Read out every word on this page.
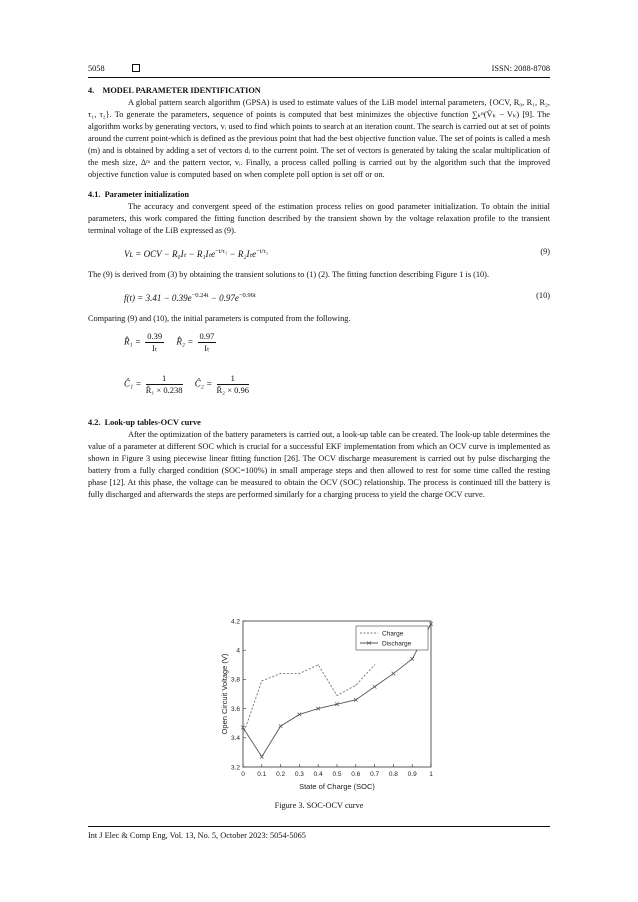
5058	ISSN: 2088-8708
4.    MODEL PARAMETER IDENTIFICATION

A global pattern search algorithm (GPSA) is used to estimate values of the LiB model internal parameters, {OCV, R₀, R₁, R₂, τ₁, τ₂}. To generate the parameters, sequence of points is computed that best minimizes the objective function ∑ₖⁿ(V̂ₖ − Vₖ) [9]. The algorithm works by generating vectors, vᵢ used to find which points to search at an iteration count. The search is carried out at set of points around the current point-which is defined as the previous point that had the best objective function value. The set of points is called a mesh (m) and is obtained by adding a set of vectors dᵢ to the current point. The set of vectors is generated by taking the scalar multiplication of the mesh size, Δᵐ and the pattern vector, vᵢ. Finally, a process called polling is carried out by the algorithm such that the improved objective function value is computed based on when complete poll option is set off or on.

4.1.  Parameter initialization

The accuracy and convergent speed of the estimation process relies on good parameter initialization. To obtain the initial parameters, this work compared the fitting function described by the transient shown by the voltage relaxation profile to the transient terminal voltage of the LiB expressed as (9).

Vʟ = OCV − R₀Iₜ − R₁Iₜe$^{-t/\tau_1}$ − R₂Iₜe$^{-t/\tau_2}$	(9)

The (9) is derived from (3) by obtaining the transient solutions to (1) (2). The fitting function describing Figure 1 is (10).

$f(t) = 3.41 - 0.39e^{-0.24t} - 0.97e^{-0.96t}$	(10)

Comparing (9) and (10), the initial parameters is computed from the following.

R̂₁ = $\frac{0.39}{\text{Iₜ}}$ R̂₂ = $\frac{0.97}{\text{Iₜ}}$
Ĉ₁ = $\frac{1}{\text{R̂₁ × 0.238}}$ Ĉ₂ = $\frac{1}{\text{R̂₂ × 0.96}}$
4.2.  Look-up tables-OCV curve

After the optimization of the battery parameters is carried out, a look-up table can be created. The look-up table determines the value of a parameter at different SOC which is crucial for a successful EKF implementation from which an OCV curve is implemented as shown in Figure 3 using piecewise linear fitting function [26]. The OCV discharge measurement is carried out by pulse discharging the battery from a fully charged condition (SOC=100%) in small amperage steps and then allowed to rest for some time called the resting phase [12]. At this phase, the voltage can be measured to obtain the OCV (SOC) relationship. The process is continued till the battery is fully discharged and afterwards the steps are performed similarly for a charging process to yield the charge OCV curve.

0 0.1 0.2 0.3 0.4 0.5 0.6 0.7 0.8 0.9 1
3.2
3.4
3.6
3.8
4
4.2
State of Charge (SOC)
Open Circuit Voltage (V)
Charge
Discharge
Figure 3. SOC-OCV curve
Int J Elec & Comp Eng, Vol. 13, No. 5, October 2023: 5054-5065
